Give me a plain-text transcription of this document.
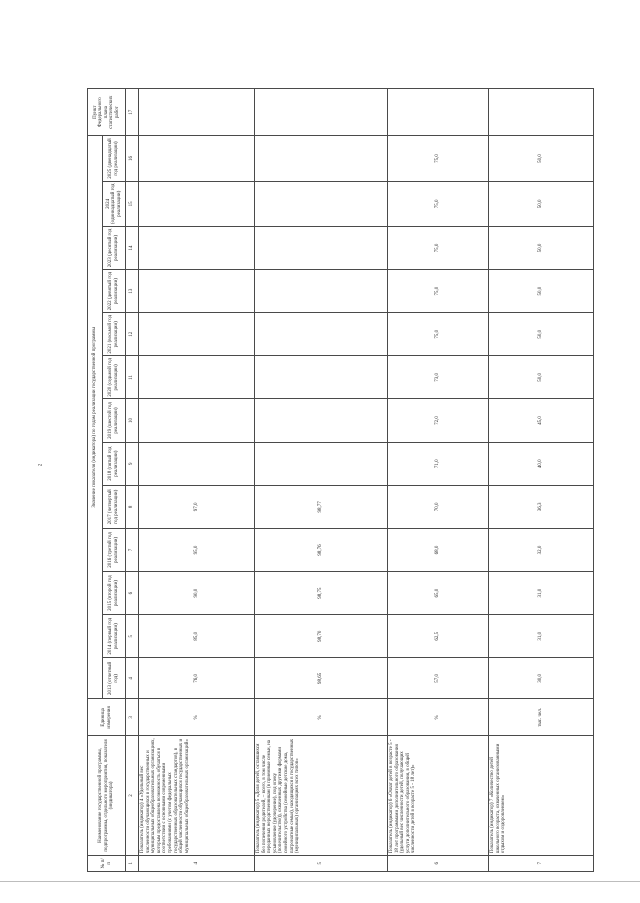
2
№ п/п	Наименование государственной программы, подпрограммы, отдельного мероприятия, показателя (индикатора)	Единица измерения	Значение показателя (индикатора) по годам реализации государственной программы													Пункт Федерального плана статистических работ
			2013 (отчетный год)	2014 (первый год реализации)	2015 (второй год реализации)	2016 (третий год реализации)	2017 (четвертый год реализации)	2018 (пятый год реализации)	2019 (шестой год реализации)	2020 (седьмой год реализации)	2021 (восьмой год реализации)	2022 (девятый год реализации)	2023 (десятый год реализации)	2024 (одиннадцатый год реализации)	2025 (двенадцатый год реализации)	
1	2	3	4	5	6	7	8	9	10	11	12	13	14	15	16	17
4	Показатель (индикатор) 4 «Удельный вес численности обучающихся в государственных и муниципальных общеобразовательных организациях, которым предоставлена возможность обучаться в соответствии с основными современными требованиями (с учетом федеральных государственных образовательных стандартов), в общей численности обучающихся государственных и муниципальных общеобразовательных организаций»	%	76,0	85,0	90,0	95,0	97,0									
5	Показатель (индикатор) 5 «Доля детей, оставшихся без попечения родителей, – всего, в том числе переданных неродственникам (в приемные семьи, на усыновление (удочерение), под опеку (попечительство)), охваченных другими формами семейного устройства (семейные детские дома, патронатные семьи), находящихся в государственных (муниципальных) организациях всех типов»	%	98,65	98,70	98,75	98,76	98,77									
6	Показатель (индикатор) 6 «Охват детей в возрасте 5 - 18 лет программами дополнительного образования (удельный вес численности детей, получающих услуги дополнительного образования, в общей численности детей в возрасте 5 - 18 лет)»	%	57,0	62,5	65,0	68,0	70,0	71,0	72,0	73,0	75,0	75,0	75,0	75,0	75,0	
7	Показатель (индикатор) 7 «Количество детей школьного возраста, охваченных организованными отдыхом и оздоровлением»	тыс. чел.	30,0	31,0	31,0	32,0	36,3	40,0	45,0	50,0	50,0	50,0	50,0	50,0	50,0	
